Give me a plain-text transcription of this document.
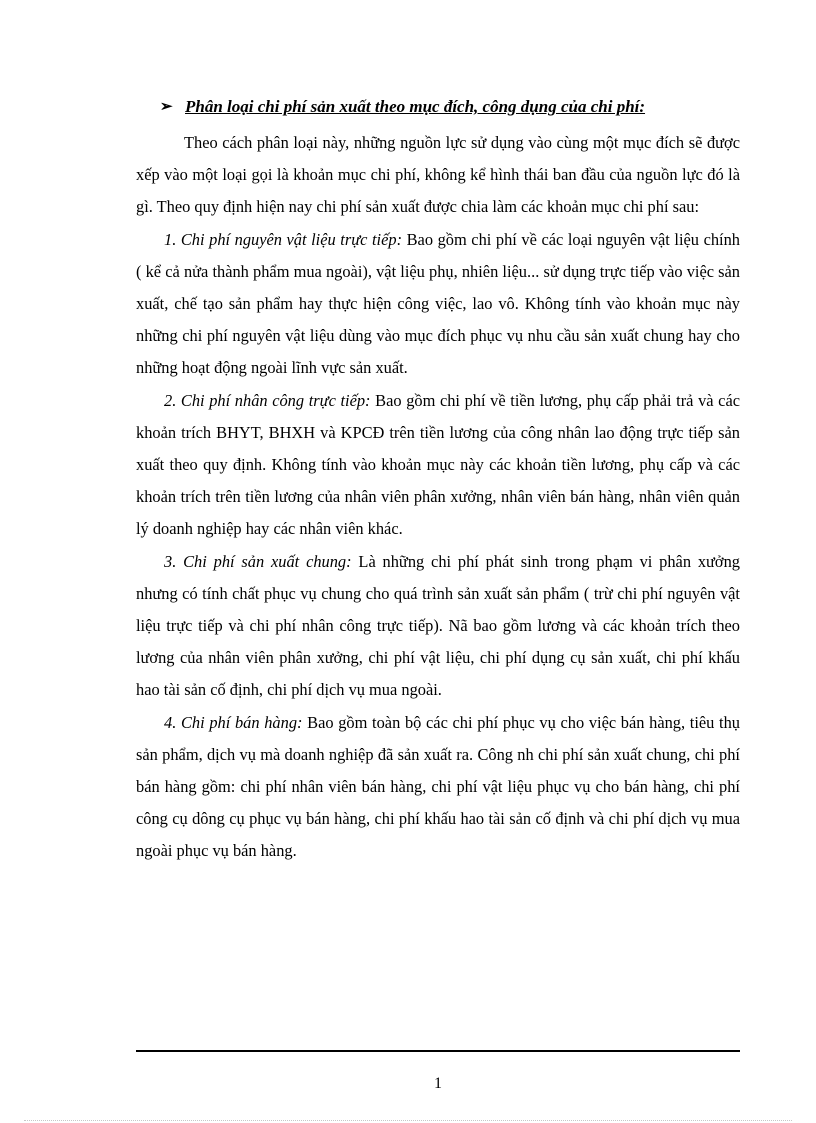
➢ Phân loại chi phí sản xuất theo mục đích, công dụng của chi phí:

Theo cách phân loại này, những nguồn lực sử dụng vào cùng một mục đích sẽ được xếp vào một loại gọi là khoản mục chi phí, không kể hình thái ban đầu của nguồn lực đó là gì. Theo quy định hiện nay chi phí sản xuất được chia làm các khoản mục chi phí sau:

1. Chi phí nguyên vật liệu trực tiếp: Bao gồm chi phí về các loại nguyên vật liệu chính ( kể cả nửa thành phẩm mua ngoài), vật liệu phụ, nhiên liệu... sử dụng trực tiếp vào việc sản xuất, chế tạo sản phẩm hay thực hiện công việc, lao vô. Không tính vào khoản mục này những chi phí nguyên vật liệu dùng vào mục đích phục vụ nhu cầu sản xuất chung hay cho những hoạt động ngoài lĩnh vực sản xuất.

2. Chi phí nhân công trực tiếp: Bao gồm chi phí về tiền lương, phụ cấp phải trả và các khoản trích BHYT, BHXH và KPCĐ trên tiền lương của công nhân lao động trực tiếp sản xuất theo quy định. Không tính vào khoản mục này các khoản tiền lương, phụ cấp và các khoản trích trên tiền lương của nhân viên phân xưởng, nhân viên bán hàng, nhân viên quản lý doanh nghiệp hay các nhân viên khác.

3. Chi phí sản xuất chung: Là những chi phí phát sinh trong phạm vi phân xưởng nhưng có tính chất phục vụ chung cho quá trình sản xuất sản phẩm ( trừ chi phí nguyên vật liệu trực tiếp và chi phí nhân công trực tiếp). Nã bao gồm lương và các khoản trích theo lương của nhân viên phân xưởng, chi phí vật liệu, chi phí dụng cụ sản xuất, chi phí khấu hao tài sản cố định, chi phí dịch vụ mua ngoài.

4. Chi phí bán hàng: Bao gồm toàn bộ các chi phí phục vụ cho việc bán hàng, tiêu thụ sản phẩm, dịch vụ mà doanh nghiệp đã sản xuất ra. Công nh chi phí sản xuất chung, chi phí bán hàng gồm: chi phí nhân viên bán hàng, chi phí vật liệu phục vụ cho bán hàng, chi phí công cụ dông cụ phục vụ bán hàng, chi phí khấu hao tài sản cố định và chi phí dịch vụ mua ngoài phục vụ bán hàng.

1
